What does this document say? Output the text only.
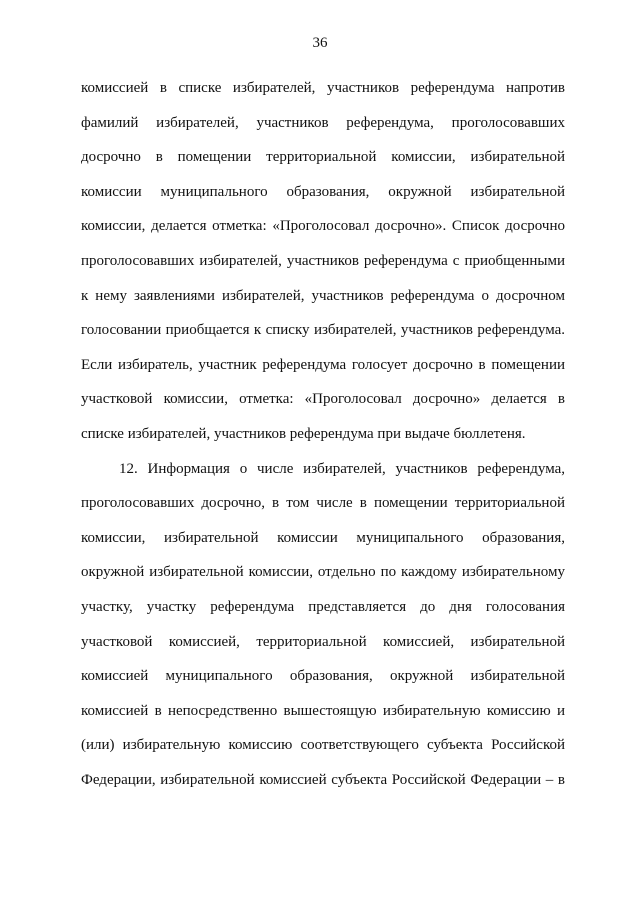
36

комиссией в списке избирателей, участников референдума напротив

фамилий избирателей, участников референдума, проголосовавших

досрочно в помещении территориальной комиссии, избирательной

комиссии муниципального образования, окружной избирательной

комиссии, делается отметка: «Проголосовал досрочно». Список досрочно

проголосовавших избирателей, участников референдума с приобщенными

к нему заявлениями избирателей, участников референдума о досрочном

голосовании приобщается к списку избирателей, участников референдума.

Если избиратель, участник референдума голосует досрочно в помещении

участковой комиссии, отметка: «Проголосовал досрочно» делается в

списке избирателей, участников референдума при выдаче бюллетеня.

12. Информация о числе избирателей, участников референдума,

проголосовавших досрочно, в том числе в помещении территориальной

комиссии, избирательной комиссии муниципального образования,

окружной избирательной комиссии, отдельно по каждому избирательному

участку, участку референдума представляется до дня голосования

участковой комиссией, территориальной комиссией, избирательной

комиссией муниципального образования, окружной избирательной

комиссией в непосредственно вышестоящую избирательную комиссию и

(или) избирательную комиссию соответствующего субъекта Российской

Федерации, избирательной комиссией субъекта Российской Федерации – в
